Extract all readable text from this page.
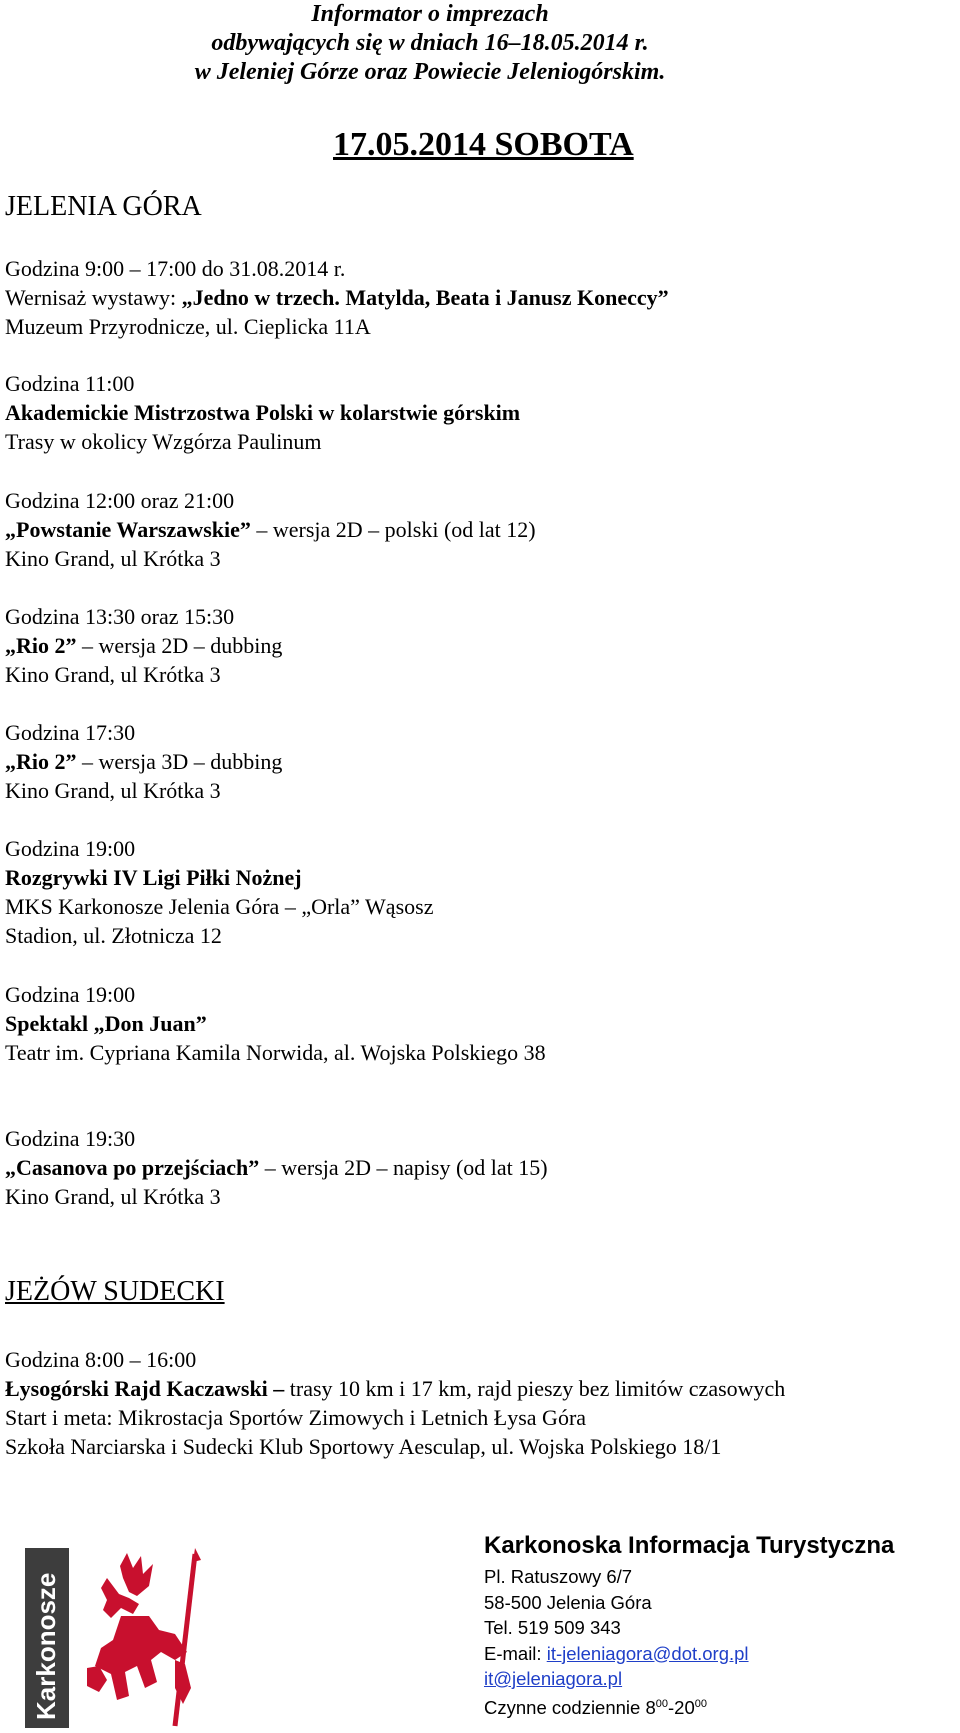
Informator o imprezach
odbywających się w dniach 16–18.05.2014 r.
w Jeleniej Górze oraz Powiecie Jeleniogórskim.
17.05.2014 SOBOTA
JELENIA GÓRA
Godzina 9:00 – 17:00 do 31.08.2014 r.
Wernisaż wystawy: „Jedno w trzech. Matylda, Beata i Janusz Koneccy”
Muzeum Przyrodnicze, ul. Cieplicka 11A
Godzina 11:00
Akademickie Mistrzostwa Polski w kolarstwie górskim
Trasy w okolicy Wzgórza Paulinum
Godzina 12:00 oraz 21:00
„Powstanie Warszawskie” – wersja 2D – polski (od lat 12)
Kino Grand, ul Krótka 3
Godzina 13:30 oraz 15:30
„Rio 2” – wersja 2D – dubbing
Kino Grand, ul Krótka 3
Godzina 17:30
„Rio 2” – wersja 3D – dubbing
Kino Grand, ul Krótka 3
Godzina 19:00
Rozgrywki IV Ligi Piłki Nożnej
MKS Karkonosze Jelenia Góra – „Orla” Wąsosz
Stadion, ul. Złotnicza 12
Godzina 19:00
Spektakl „Don Juan”
Teatr im. Cypriana Kamila Norwida, al. Wojska Polskiego 38
Godzina 19:30
„Casanova po przejściach” – wersja 2D – napisy (od lat 15)
Kino Grand, ul Krótka 3
JEŻÓW SUDECKI
Godzina 8:00 – 16:00
Łysogórski Rajd Kaczawski – trasy 10 km i 17 km, rajd pieszy bez limitów czasowych
Start i meta: Mikrostacja Sportów Zimowych i Letnich Łysa Góra
Szkoła Narciarska i Sudecki Klub Sportowy Aesculap, ul. Wojska Polskiego 18/1
Karkonosze
Karkonoska Informacja Turystyczna
Pl. Ratuszowy 6/7
58-500 Jelenia Góra
Tel. 519 509 343
E-mail: it-jeleniagora@dot.org.pl
it@jeleniagora.pl
Czynne codziennie $8^{00}-20^{00}$
